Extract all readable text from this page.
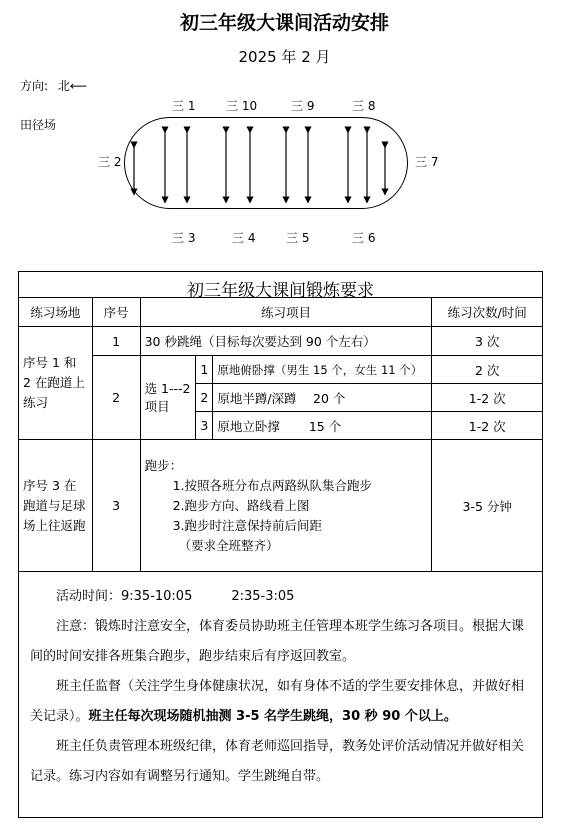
初三年级大课间活动安排
2025 年 2 月
方向: 北⟵
田径场
三 1	三 10	三 9	三 8
三 2	三 7
三 3	三 4	三 5	三 6
初三年级大课间锻炼要求
练习场地	序号	练习项目			练习次数/时间
序号 1 和 2 在跑道上练习	1	30 秒跳绳（目标每次要达到 90 个左右）			3 次
	2	选 1---2 项目	1	原地俯卧撑（男生 15 个，女生 11 个）	2 次
			2	原地半蹲/深蹲　 20 个	1-2 次
			3	原地立卧撑　　 15 个	1-2 次
序号 3 在跑道与足球场上往返跑	3	跑步：
1.按照各班分布点两路纵队集合跑步
2.跑步方向、路线看上图
3.跑步时注意保持前后间距
（要求全班整齐）			3-5 分钟

活动时间：9:35-10:05　　　2:35-3:05

注意：锻炼时注意安全，体育委员协助班主任管理本班学生练习各项目。根据大课间的时间安排各班集合跑步，跑步结束后有序返回教室。

班主任监督（关注学生身体健康状况，如有身体不适的学生要安排休息，并做好相关记录）。班主任每次现场随机抽测 3-5 名学生跳绳，30 秒 90 个以上。

班主任负责管理本班级纪律，体育老师巡回指导，教务处评价活动情况并做好相关记录。练习内容如有调整另行通知。学生跳绳自带。
